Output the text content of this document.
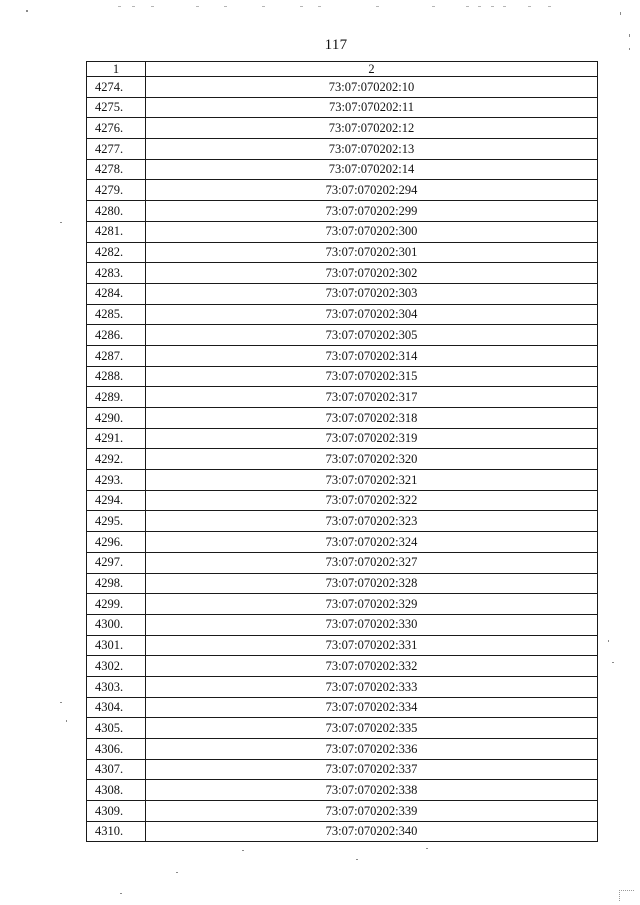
117
1	2
4274.	73:07:070202:10
4275.	73:07:070202:11
4276.	73:07:070202:12
4277.	73:07:070202:13
4278.	73:07:070202:14
4279.	73:07:070202:294
4280.	73:07:070202:299
4281.	73:07:070202:300
4282.	73:07:070202:301
4283.	73:07:070202:302
4284.	73:07:070202:303
4285.	73:07:070202:304
4286.	73:07:070202:305
4287.	73:07:070202:314
4288.	73:07:070202:315
4289.	73:07:070202:317
4290.	73:07:070202:318
4291.	73:07:070202:319
4292.	73:07:070202:320
4293.	73:07:070202:321
4294.	73:07:070202:322
4295.	73:07:070202:323
4296.	73:07:070202:324
4297.	73:07:070202:327
4298.	73:07:070202:328
4299.	73:07:070202:329
4300.	73:07:070202:330
4301.	73:07:070202:331
4302.	73:07:070202:332
4303.	73:07:070202:333
4304.	73:07:070202:334
4305.	73:07:070202:335
4306.	73:07:070202:336
4307.	73:07:070202:337
4308.	73:07:070202:338
4309.	73:07:070202:339
4310.	73:07:070202:340
